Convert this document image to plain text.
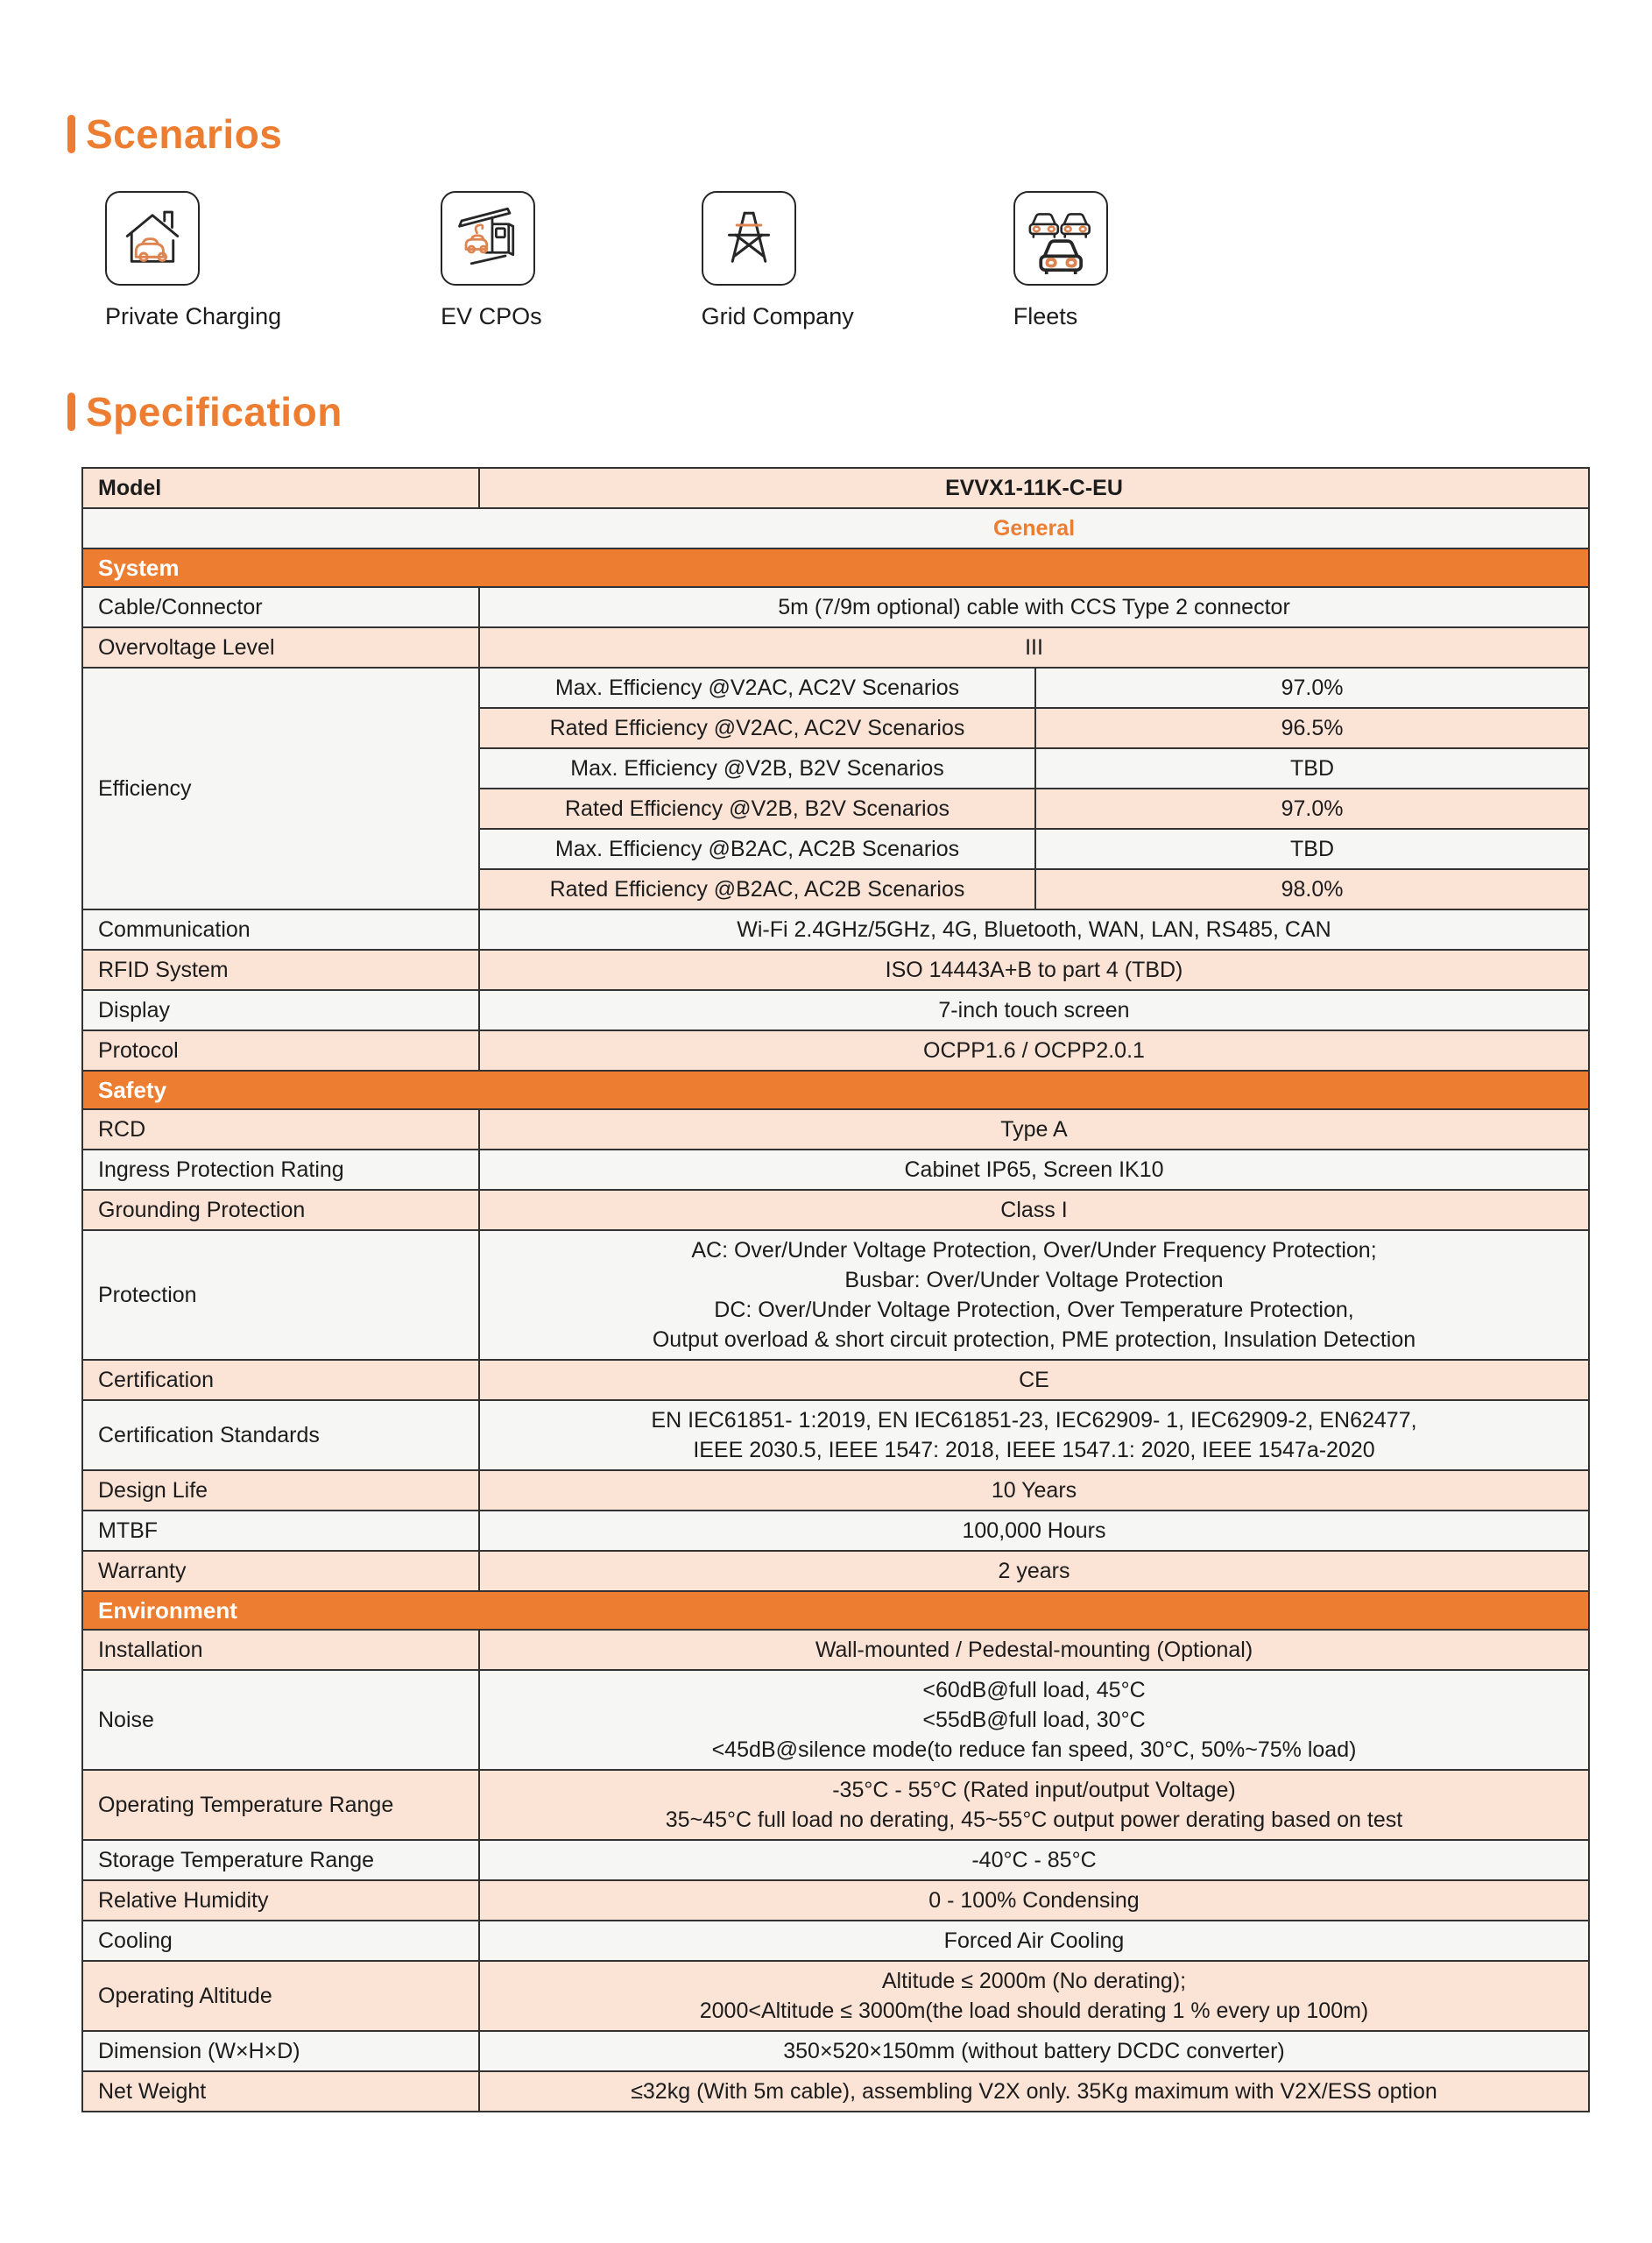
Scenarios
Private Charging	EV CPOs	Grid Company	Fleets
Specification
Model	EVVX1-11K-C-EU
General
System
Cable/Connector	5m (7/9m optional) cable with CCS Type 2 connector
Overvoltage Level	III
Efficiency
Max. Efficiency @V2AC, AC2V Scenarios	97.0%
Rated Efficiency @V2AC, AC2V Scenarios	96.5%
Max. Efficiency @V2B, B2V Scenarios	TBD
Rated Efficiency @V2B, B2V Scenarios	97.0%
Max. Efficiency @B2AC, AC2B Scenarios	TBD
Rated Efficiency @B2AC, AC2B Scenarios	98.0%
Communication	Wi-Fi 2.4GHz/5GHz, 4G, Bluetooth, WAN, LAN, RS485, CAN
RFID System	ISO 14443A+B to part 4 (TBD)
Display	7-inch touch screen
Protocol	OCPP1.6 / OCPP2.0.1
Safety
RCD	Type A
Ingress Protection Rating	Cabinet IP65, Screen IK10
Grounding Protection	Class I
Protection
AC: Over/Under Voltage Protection, Over/Under Frequency Protection;
Busbar: Over/Under Voltage Protection
DC: Over/Under Voltage Protection, Over Temperature Protection,
Output overload & short circuit protection, PME protection, Insulation Detection
Certification	CE
Certification Standards
EN IEC61851- 1:2019, EN IEC61851-23, IEC62909- 1, IEC62909-2, EN62477,
IEEE 2030.5, IEEE 1547: 2018, IEEE 1547.1: 2020, IEEE 1547a-2020
Design Life	10 Years
MTBF	100,000 Hours
Warranty	2 years
Environment
Installation	Wall-mounted / Pedestal-mounting (Optional)
Noise
<60dB@full load, 45°C
<55dB@full load, 30°C
<45dB@silence mode(to reduce fan speed, 30°C, 50%~75% load)
Operating Temperature Range
-35°C - 55°C (Rated input/output Voltage)
35~45°C full load no derating, 45~55°C output power derating based on test
Storage Temperature Range	-40°C - 85°C
Relative Humidity	0 - 100% Condensing
Cooling	Forced Air Cooling
Operating Altitude
Altitude ≤ 2000m (No derating);
2000<Altitude ≤ 3000m(the load should derating 1 % every up 100m)
Dimension (W×H×D)	350×520×150mm (without battery DCDC converter)
Net Weight	≤32kg (With 5m cable), assembling V2X only. 35Kg maximum with V2X/ESS option
